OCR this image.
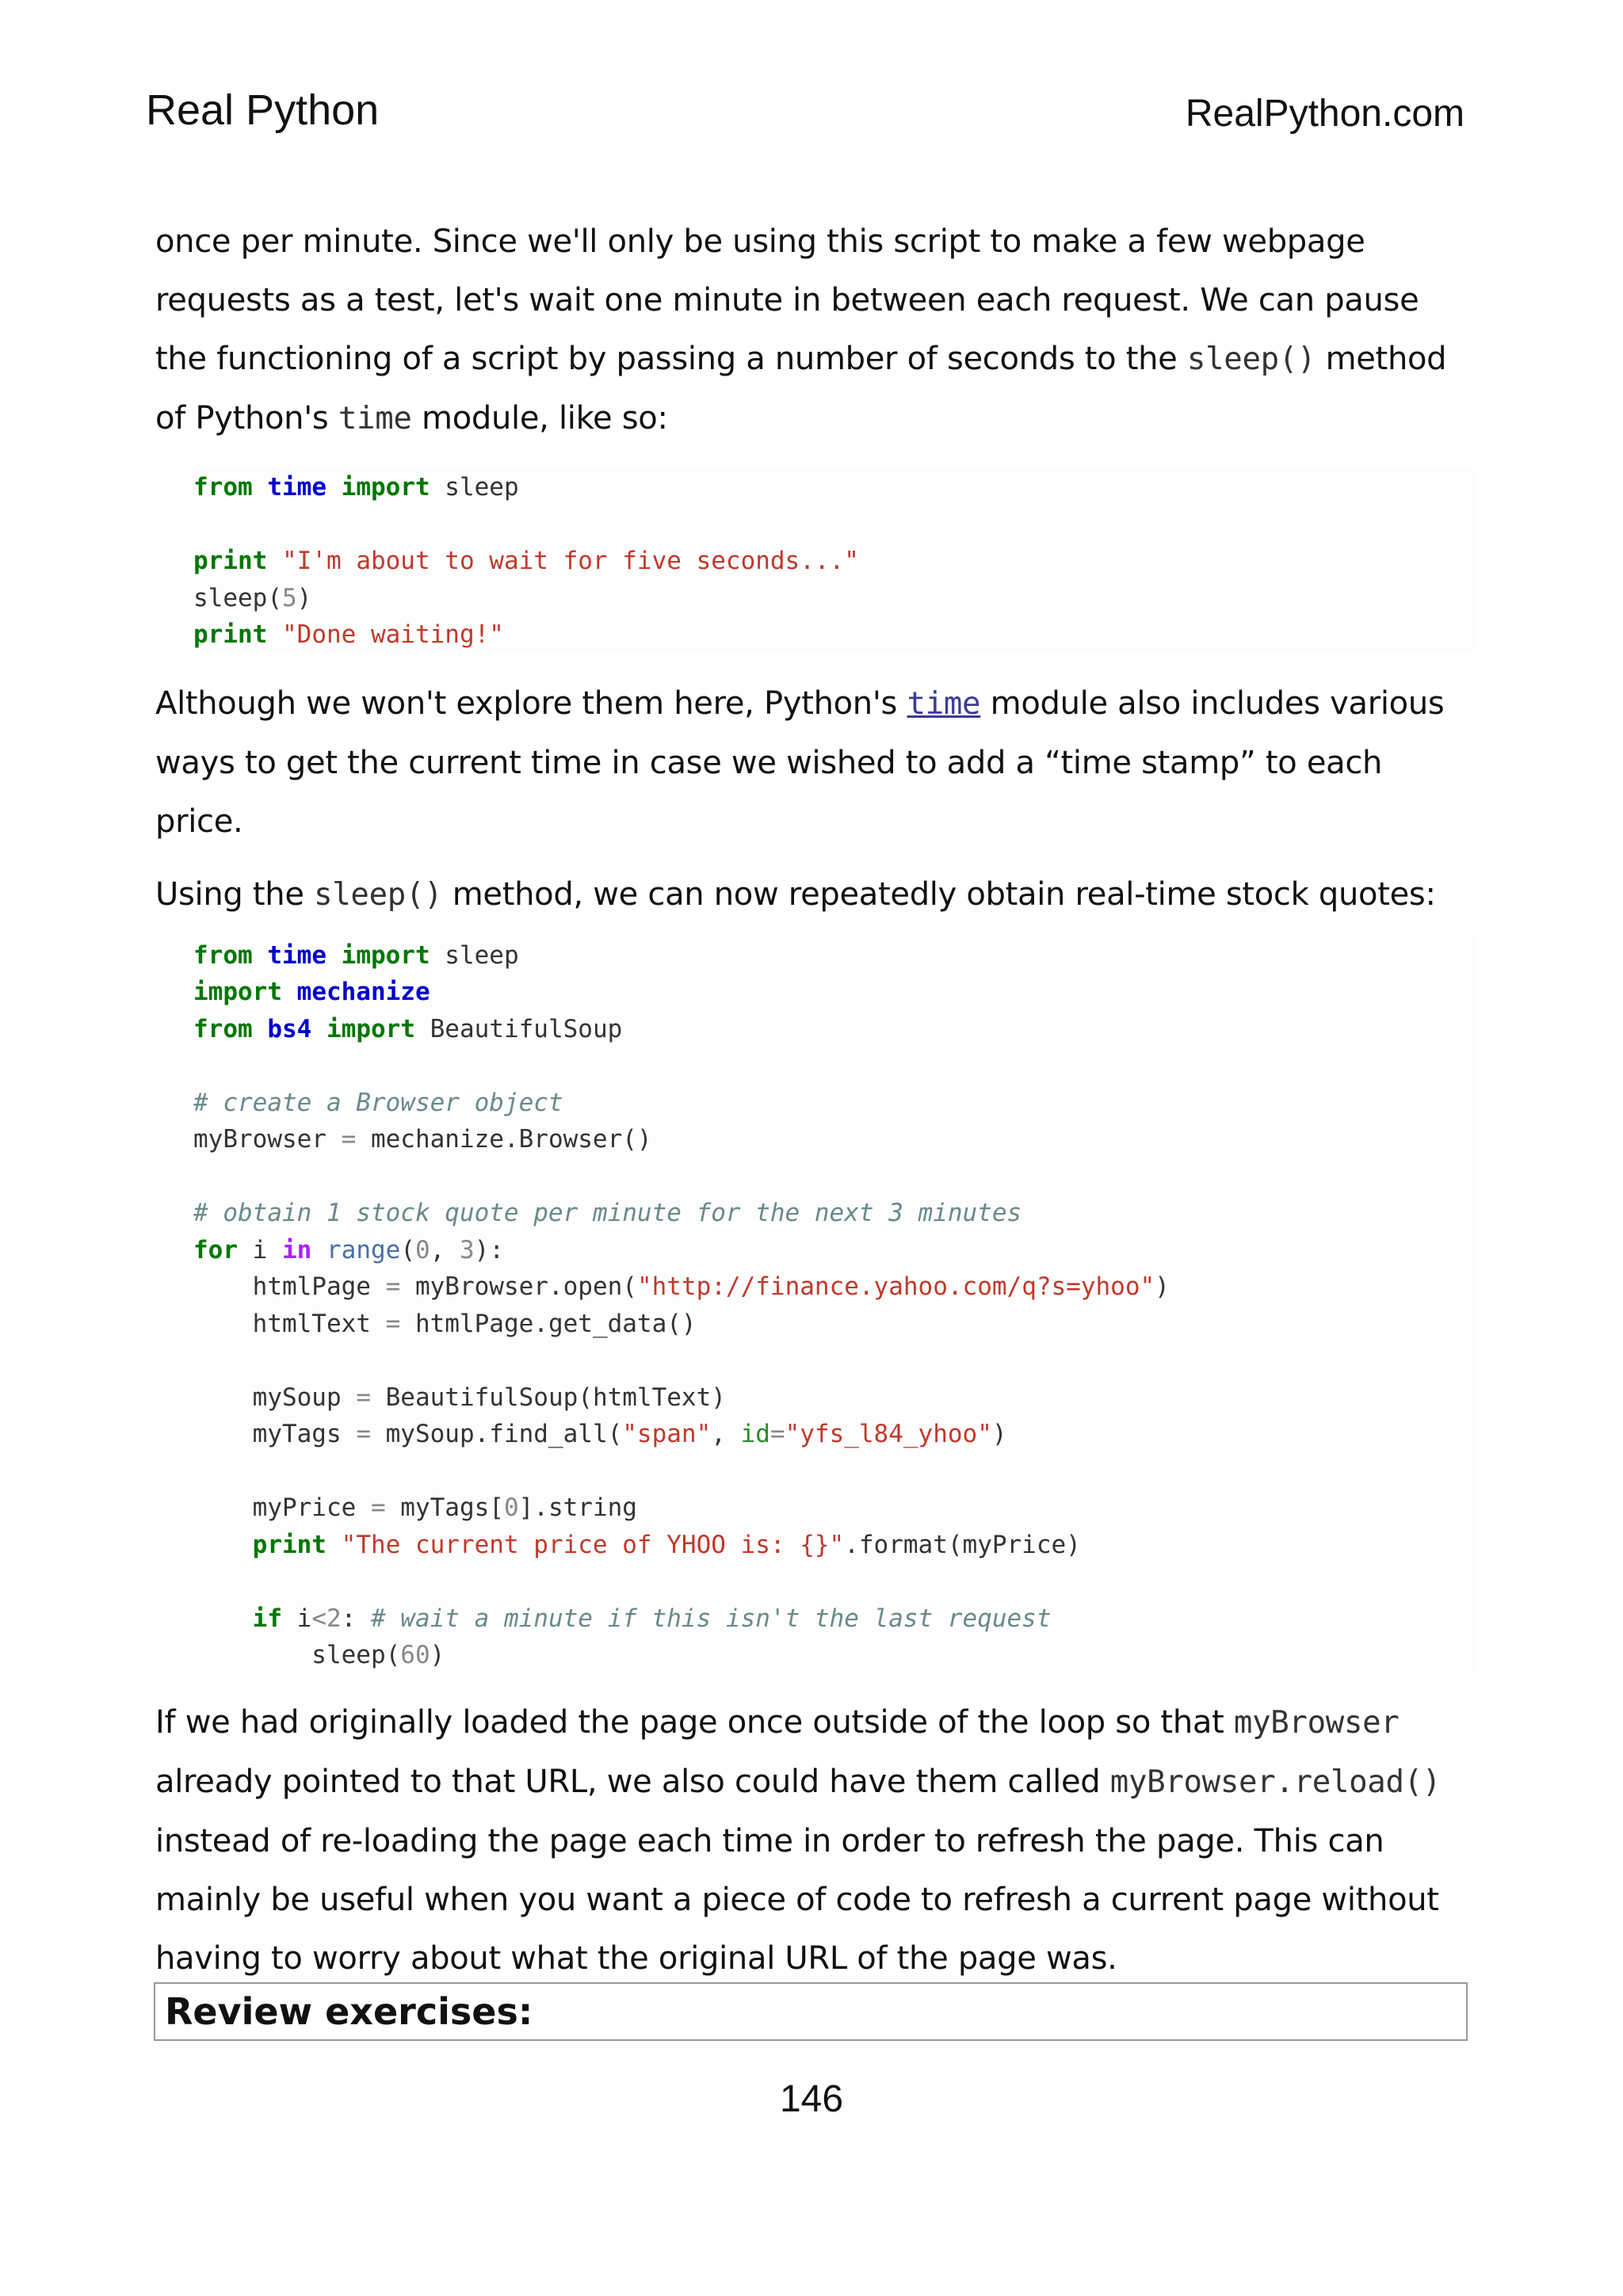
Real Python	RealPython.com

once per minute. Since we'll only be using this script to make a few webpage requests as a test, let's wait one minute in between each request. We can pause the functioning of a script by passing a number of seconds to the sleep() method of Python's time module, like so:

from time import sleep

print "I'm about to wait for five seconds..."
sleep(5)
print "Done waiting!"

Although we won't explore them here, Python's time module also includes various ways to get the current time in case we wished to add a “time stamp” to each price.

Using the sleep() method, we can now repeatedly obtain real-time stock quotes:

from time import sleep
import mechanize
from bs4 import BeautifulSoup

# create a Browser object
myBrowser = mechanize.Browser()

# obtain 1 stock quote per minute for the next 3 minutes
for i in range(0, 3):
htmlPage = myBrowser.open("http://finance.yahoo.com/q?s=yhoo")
htmlText = htmlPage.get_data()

mySoup = BeautifulSoup(htmlText)
myTags = mySoup.find_all("span", id="yfs_l84_yhoo")

myPrice = myTags[0].string
print "The current price of YHOO is: {}".format(myPrice)

if i<2: # wait a minute if this isn't the last request
sleep(60)

If we had originally loaded the page once outside of the loop so that myBrowser already pointed to that URL, we also could have them called myBrowser.reload() instead of re-loading the page each time in order to refresh the page. This can mainly be useful when you want a piece of code to refresh a current page without having to worry about what the original URL of the page was.

Review exercises:
146
